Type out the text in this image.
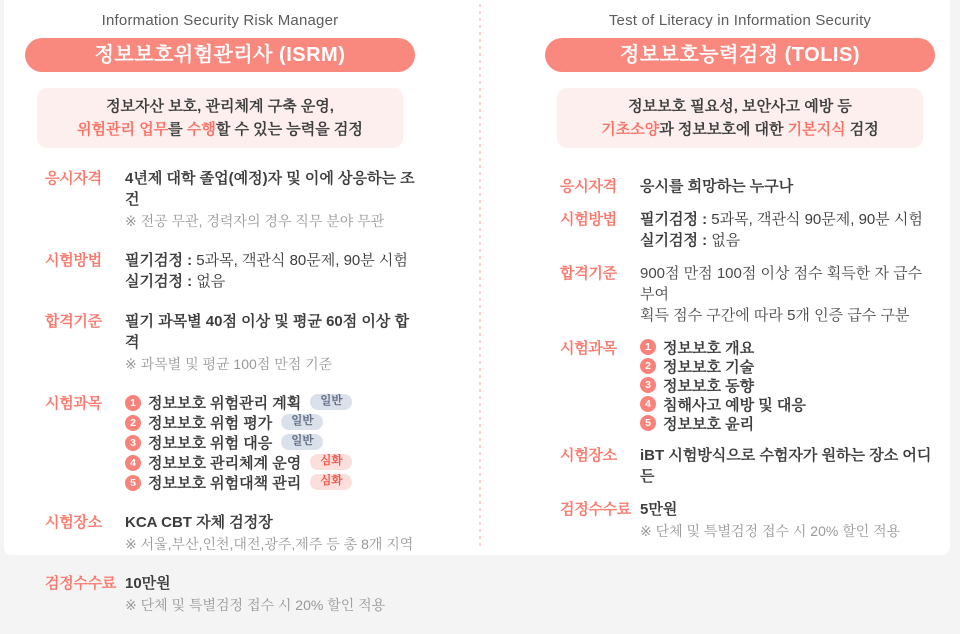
Information Security Risk Manager
정보보호위험관리사 (ISRM)
정보자산 보호, 관리체계 구축 운영,
위험관리 업무를 수행할 수 있는 능력을 검정
응시자격	4년제 대학 졸업(예정)자 및 이에 상응하는 조건
※ 전공 무관, 경력자의 경우 직무 분야 무관
시험방법	필기검정 : 5과목, 객관식 80문제, 90분 시험
실기검정 : 없음
합격기준	필기 과목별 40점 이상 및 평균 60점 이상 합격
※ 과목별 및 평균 100점 만점 기준
시험과목	1 정보보호 위험관리 계획	일반
2 정보보호 위험 평가	일반
3 정보보호 위험 대응	일반
4 정보보호 관리체계 운영	심화
5 정보보호 위험대책 관리	심화
시험장소	KCA CBT 자체 검정장
※ 서울,부산,인천,대전,광주,제주 등 총 8개 지역
검정수수료 10만원
※ 단체 및 특별검정 접수 시 20% 할인 적용
Test of Literacy in Information Security
정보보호능력검정 (TOLIS)
정보보호 필요성, 보안사고 예방 등
기초소양과 정보보호에 대한 기본지식 검정
응시자격	응시를 희망하는 누구나
시험방법	필기검정 : 5과목, 객관식 90문제, 90분 시험
실기검정 : 없음
합격기준	900점 만점 100점 이상 점수 획득한 자 급수 부여
획득 점수 구간에 따라 5개 인증 급수 구분
시험과목	1 정보보호 개요
2 정보보호 기술
3 정보보호 동향
4 침해사고 예방 및 대응
5 정보보호 윤리
시험장소	iBT 시험방식으로 수험자가 원하는 장소 어디든
검정수수료 5만원
※ 단체 및 특별검정 접수 시 20% 할인 적용
